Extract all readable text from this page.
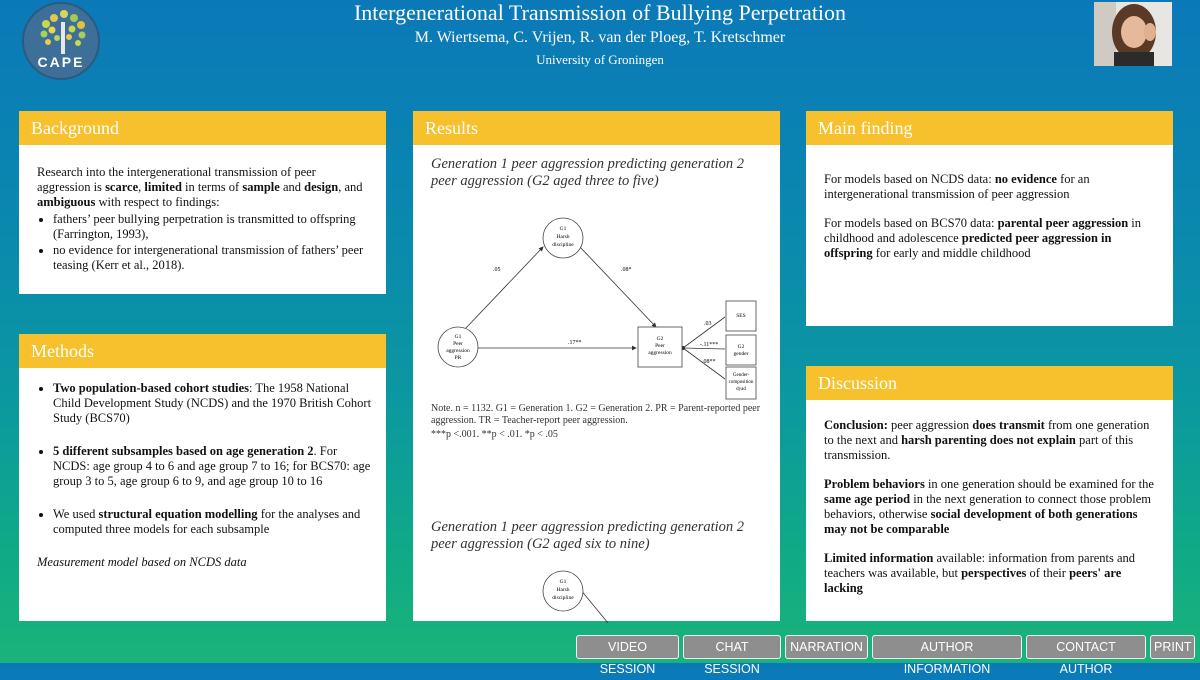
Intergenerational Transmission of Bullying Perpetration
M. Wiertsema, C. Vrijen, R. van der Ploeg, T. Kretschmer
University of Groningen
CAPE
Background

Research into the intergenerational transmission of peer aggression is scarce, limited in terms of sample and design, and ambiguous with respect to findings:

• fathers’ peer bullying perpetration is transmitted to offspring (Farrington, 1993),
• no evidence for intergenerational transmission of fathers’ peer teasing (Kerr et al., 2018).
Methods
• Two population-based cohort studies: The 1958 National Child Development Study (NCDS) and the 1970 British Cohort Study (BCS70)
• 5 different subsamples based on age generation 2. For NCDS: age group 4 to 6 and age group 7 to 16; for BCS70: age group 3 to 5, age group 6 to 9, and age group 10 to 16
• We used structural equation modelling for the analyses and computed three models for each subsample

Measurement model based on NCDS data

Results
Generation 1 peer aggression predicting generation 2 peer aggression (G2 aged three to five)
G1
Harsh
discipline
G1
Peer
aggression
PR
G2
Peer
aggression
SES
G2
gender
Gender-
composition
dyad
.05	.08*
.17**
.03
-.11***
.08**
Note. n = 1132. G1 = Generation 1. G2 = Generation 2. PR = Parent-reported peer aggression. TR = Teacher-report peer aggression.
***p <.001. **p < .01. *p < .05
Generation 1 peer aggression predicting generation 2 peer aggression (G2 aged six to nine)
G1
Harsh
discipline
Main finding

For models based on NCDS data: no evidence for an intergenerational transmission of peer aggression

For models based on BCS70 data: parental peer aggression in childhood and adolescence predicted peer aggression in offspring for early and middle childhood

Discussion

Conclusion: peer aggression does transmit from one generation to the next and harsh parenting does not explain part of this transmission.

Problem behaviors in one generation should be examined for the same age period in the next generation to connect those problem behaviors, otherwise social development of both generations may not be comparable

Limited information available: information from parents and teachers was available, but perspectives of their peers' are lacking

VIDEO SESSION
CHAT SESSION
NARRATION	AUTHOR INFORMATION
CONTACT AUTHOR
PRINT
